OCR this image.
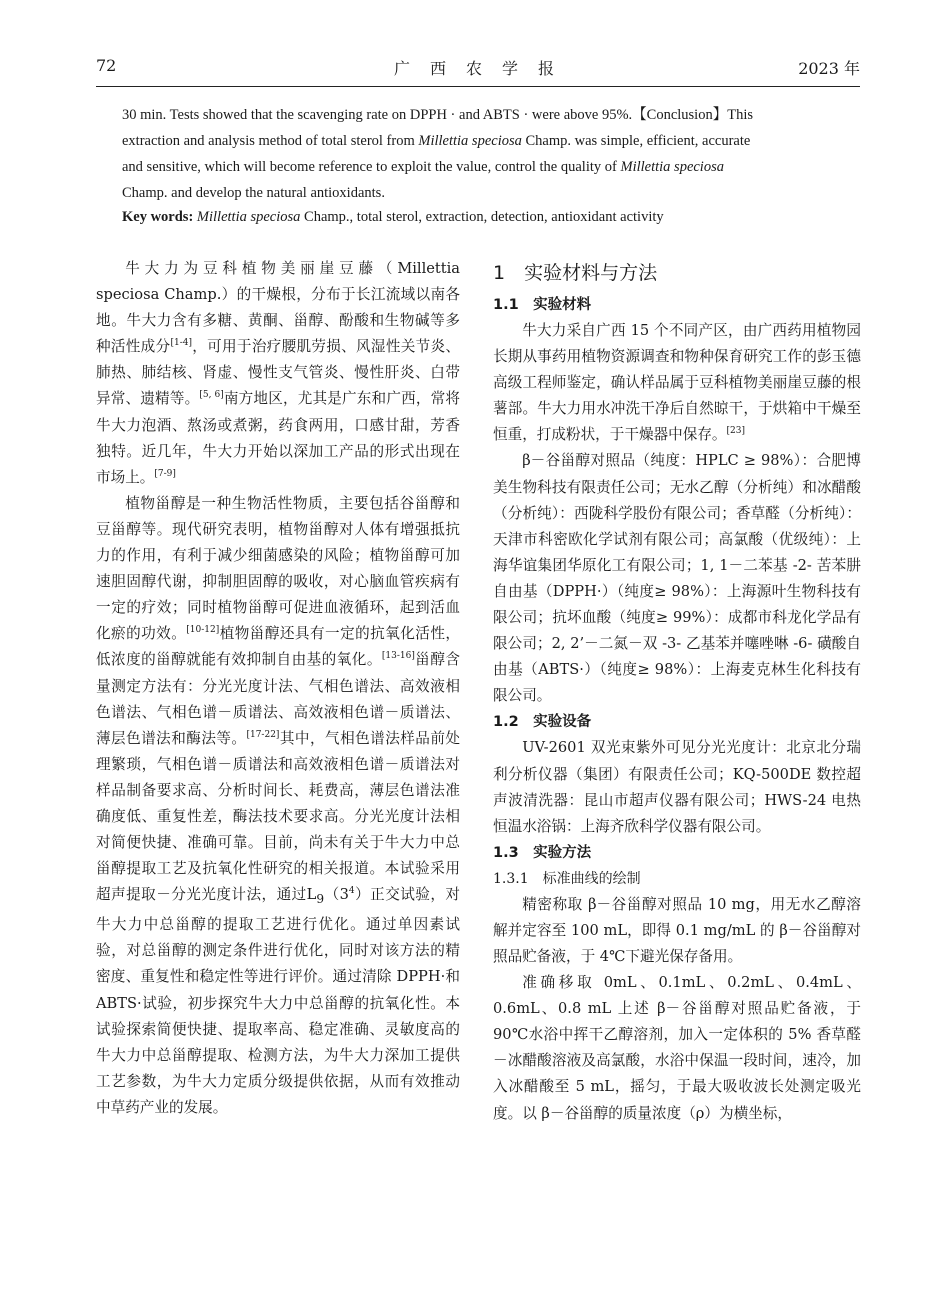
72	广　西　农　学　报	2023 年

30 min. Tests showed that the scavenging rate on DPPH · and ABTS · were above 95%.【Conclusion】This

extraction and analysis method of total sterol from Millettia speciosa Champ. was simple, efficient, accurate

and sensitive, which will become reference to exploit the value, control the quality of Millettia speciosa

Champ. and develop the natural antioxidants.

Key words: Millettia speciosa Champ., total sterol, extraction, detection, antioxidant activity

牛大力为豆科植物美丽崖豆藤（Millettia speciosa Champ.）的干燥根，分布于长江流域以南各地。牛大力含有多糖、黄酮、甾醇、酚酸和生物碱等多种活性成分[1-4]，可用于治疗腰肌劳损、风湿性关节炎、肺热、肺结核、肾虚、慢性支气管炎、慢性肝炎、白带异常、遗精等。[5, 6]南方地区，尤其是广东和广西，常将牛大力泡酒、熬汤或煮粥，药食两用，口感甘甜，芳香独特。近几年，牛大力开始以深加工产品的形式出现在市场上。[7-9]

植物甾醇是一种生物活性物质，主要包括谷甾醇和豆甾醇等。现代研究表明，植物甾醇对人体有增强抵抗力的作用，有利于减少细菌感染的风险；植物甾醇可加速胆固醇代谢，抑制胆固醇的吸收，对心脑血管疾病有一定的疗效；同时植物甾醇可促进血液循环，起到活血化瘀的功效。[10-12]植物甾醇还具有一定的抗氧化活性，低浓度的甾醇就能有效抑制自由基的氧化。[13-16]甾醇含量测定方法有：分光光度计法、气相色谱法、高效液相色谱法、气相色谱－质谱法、高效液相色谱－质谱法、薄层色谱法和酶法等。[17-22]其中，气相色谱法样品前处理繁琐，气相色谱－质谱法和高效液相色谱－质谱法对样品制备要求高、分析时间长、耗费高，薄层色谱法准确度低、重复性差，酶法技术要求高。分光光度计法相对简便快捷、准确可靠。目前，尚未有关于牛大力中总甾醇提取工艺及抗氧化性研究的相关报道。本试验采用超声提取－分光光度计法，通过$L_9(3^4)$正交试验，对牛大力中总甾醇的提取工艺进行优化。通过单因素试验，对总甾醇的测定条件进行优化，同时对该方法的精密度、重复性和稳定性等进行评价。通过清除 DPPH·和 ABTS·试验，初步探究牛大力中总甾醇的抗氧化性。本试验探索简便快捷、提取率高、稳定准确、灵敏度高的牛大力中总甾醇提取、检测方法，为牛大力深加工提供工艺参数，为牛大力定质分级提供依据，从而有效推动中草药产业的发展。

1　实验材料与方法

1.1　实验材料

牛大力采自广西 15 个不同产区，由广西药用植物园长期从事药用植物资源调查和物种保育研究工作的彭玉德高级工程师鉴定，确认样品属于豆科植物美丽崖豆藤的根薯部。牛大力用水冲洗干净后自然晾干，于烘箱中干燥至恒重，打成粉状，于干燥器中保存。[23]

β－谷甾醇对照品（纯度：HPLC ≥ 98%）：合肥博美生物科技有限责任公司；无水乙醇（分析纯）和冰醋酸（分析纯）：西陇科学股份有限公司；香草醛（分析纯）：天津市科密欧化学试剂有限公司；高氯酸（优级纯）：上海华谊集团华原化工有限公司；1, 1－二苯基 -2- 苦苯肼自由基（DPPH·）（纯度≥ 98%）：上海源叶生物科技有限公司；抗坏血酸（纯度≥ 99%）：成都市科龙化学品有限公司；2, 2’－二氮－双 -3- 乙基苯并噻唑啉 -6- 磺酸自由基（ABTS·）（纯度≥ 98%）：上海麦克林生化科技有限公司。

1.2　实验设备

UV-2601 双光束紫外可见分光光度计：北京北分瑞利分析仪器（集团）有限责任公司；KQ-500DE 数控超声波清洗器：昆山市超声仪器有限公司；HWS-24 电热恒温水浴锅：上海齐欣科学仪器有限公司。

1.3　实验方法

1.3.1　标准曲线的绘制

精密称取 β－谷甾醇对照品 10 mg，用无水乙醇溶解并定容至 100 mL，即得 0.1 mg/mL 的 β－谷甾醇对照品贮备液，于 4℃下避光保存备用。

准确移取 0mL、0.1mL、0.2mL、0.4mL、0.6mL、0.8 mL 上述 β－谷甾醇对照品贮备液，于 90℃水浴中挥干乙醇溶剂，加入一定体积的 5% 香草醛－冰醋酸溶液及高氯酸，水浴中保温一段时间，速冷，加入冰醋酸至 5 mL，摇匀，于最大吸收波长处测定吸光度。以 β－谷甾醇的质量浓度（ρ）为横坐标，
